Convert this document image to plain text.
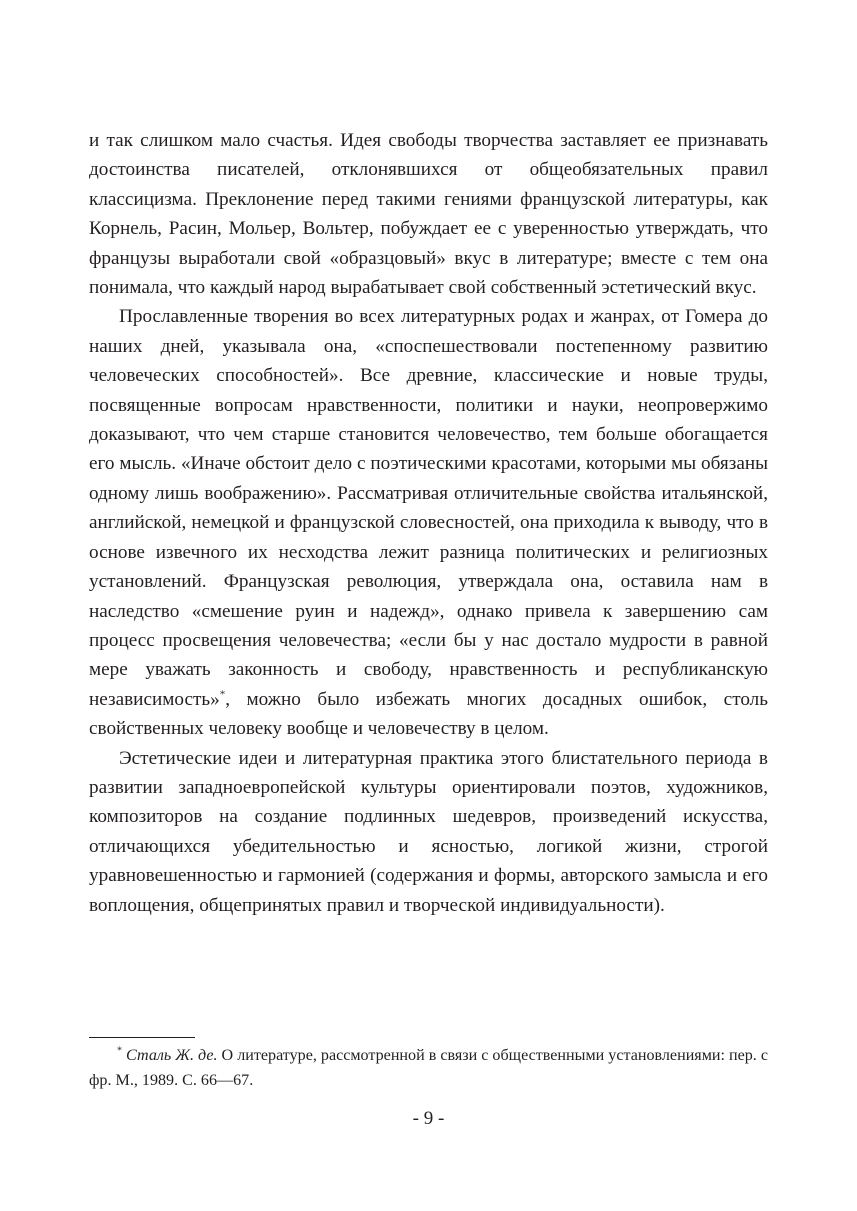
и так слишком мало счастья. Идея свободы творчества заставляет ее признавать достоинства писателей, отклонявшихся от общеобязательных правил классицизма. Преклонение перед такими гениями французской литературы, как Корнель, Расин, Мольер, Вольтер, побуждает ее с уверенностью утверждать, что французы выработали свой «образцовый» вкус в литературе; вместе с тем она понимала, что каждый народ вырабатывает свой собственный эстетический вкус.

Прославленные творения во всех литературных родах и жанрах, от Гомера до наших дней, указывала она, «споспешествовали постепенному развитию человеческих способностей». Все древние, классические и новые труды, посвященные вопросам нравственности, политики и науки, неопровержимо доказывают, что чем старше становится человечество, тем больше обогащается его мысль. «Иначе обстоит дело с поэтическими красотами, которыми мы обязаны одному лишь воображению». Рассматривая отличительные свойства итальянской, английской, немецкой и французской словесностей, она приходила к выводу, что в основе извечного их несходства лежит разница политических и религиозных установлений. Французская революция, утверждала она, оставила нам в наследство «смешение руин и надежд», однако привела к завершению сам процесс просвещения человечества; «если бы у нас достало мудрости в равной мере уважать законность и свободу, нравственность и республиканскую независимость»*, можно было избежать многих досадных ошибок, столь свойственных человеку вообще и человечеству в целом.

Эстетические идеи и литературная практика этого блистательного периода в развитии западноевропейской культуры ориентировали поэтов, художников, композиторов на создание подлинных шедевров, произведений искусства, отличающихся убедительностью и ясностью, логикой жизни, строгой уравновешенностью и гармонией (содержания и формы, авторского замысла и его воплощения, общепринятых правил и творческой индивидуальности).

* Сталь Ж. де. О литературе, рассмотренной в связи с общественными установлениями: пер. с фр. М., 1989. С. 66—67.

- 9 -
